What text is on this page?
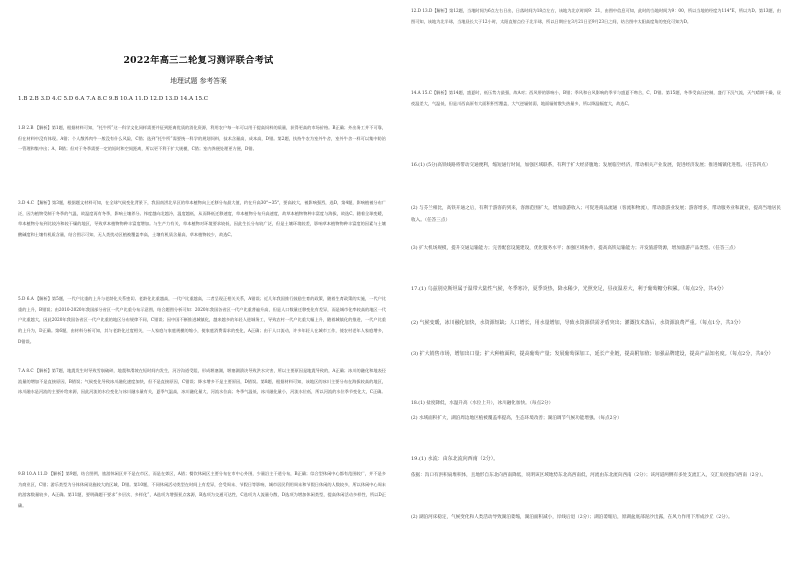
2022年高三二轮复习测评联合考试
地理试题 参考答案
1.B 2.B 3.D 4.C 5.D 6.A 7.A 8.C 9.B 10.A 11.D 12.D 13.D 14.A 15.C
1.B 2.B 【解析】第1题，根据材料可知，“托牛所”这一科学文化同样需要并征到距离优质的消化资源，利用农户每一年可以用于提高饲料的质量，获得更高的市场价格。B正确；外出务工并不可靠，但在材料中没有体现。A错；个人散养肉牛一般没有什么风险，C错；选到“托牛所”需要统一科学的规划饲料，技术含量高，成本高，D错。第2题，扶持牛农为室外牛舍，室外牛舍一样可以集中防治一管理和集中出；A、B错；但对于冬季需要一定的短时和空间距离，所以更不利于扩大规模，C错；室内粪便处理更方便，D错。
3.D 4.C 【解析】第3题，根据题文材料可知，在全球气候变化背景下，我国南涝北旱区的草本植物向上迁移分布最大值，约在升高30°~35°，要高较大，被影响强烈，选D，第4题，影响植被分布广泛，因为植物受制于冬季的气温，故温度再有冬季，影响土壤养分。纬度越向北越冷，温度越低，从而降低迁移速度，草本植物分布升高速度，故草本植物物种丰富度与海拔，故选C。随着全球变暖，草本植物分布到比较冷和较干燥的地区，导致草本植物物种丰富度增加。与生产力有关，草本植物对环境要求较低，因此生长分布较广泛，但是土壤环境较差，影响草本植物物种丰富度的因素与土壤酸碱度和土壤有机质含量，结合图示可知，无人类扰动区植被覆盖率高，土壤有机质含量高，草本植物较少，故选C。
5.D 6.A 【解析】第5题，一代户比重的上升与老龄化关系密切。老龄化比重越高，一代户比重越高，二者呈现正相关关系，A错误；近几年我国推行鼓励生育的政策，随着生育政策的实施，一代户比重的上升，B错误；由2010-2020年我国部分省区一代户比重分布示意图，结合题图分析可知：2020年我国各省区一代户比重普遍升高，但是人口数量迁移变化有差异，而是城市化率较高的地区一代户比重越大，因此2020年我国各省区一代户比重的地区分布规律不同，C错误；因中国不断推进城镇化，越来越多的年轻人进城务工，导致农村一代户比重大幅上升，随着城镇化的推进，一代户比重的上升为，D正确。第6题，由材料分析可知，其与老龄化过度相关，一人家庭与家庭规模的缩小，使家庭消费需求的变化，A正确；由于人口流动，许多年轻人在城市工作，使农村老年人家庭增多，D错误。
7.A 8.C 【解析】第7题，地震发生时导致雪崩破碎，地震和滑坡在短时间内发生，河谷沟道受阻，形成堰塞湖，堰塞湖溃决导致洪水灾害，所以主要原因是地震导致的，A正确；冰川的融化和地表径流量的增加不是直接原因，B错误；气候变化导致冰川融化速度加快，但不是直接原因，C错误；降水增多不是主要原因，D错误。第8题，根据材料可知，该地区的冰川主要分布在海拔较高的地区，冰川融水是河流的主要补给来源，因此河流的水位变化与冰川融水量有关，夏季气温高，冰川融化量大，河流水位高；冬季气温低，冰川融化量小，河流水位低，所以河流的水位季节变化大，C正确。
9.B 10.A 11.D 【解析】第9题，结合图例，旅游休闲区并不是在市区，而是在郊区，A错；餐饮休闲区主要分布在市中心外围，少量沿主干道分布，B正确；综合型休闲中心都有范围较广，并不是多为商业区，C错；游乐类型为分体休闲设施较大的区域，D错。第10题，不同休闲活动类型在时间上有差异，会受周末、节假日等影响，城市居民利用周末和节假日休闲的人数较多，所以休闲中心周末的游客数量较多，A正确。第11题，要明确题干要求“多层次、多样化”，A选项为增强景点客源，B选项为交通可达性，C选项为人流量分散，D选项为增加休闲类型，提高休闲活动多样性，所以D正确。
12.D 13.D【解析】第12题，当地时间为6点左右日出，日落时间为18点左右，该地为北京时间9：21，由图中信息可知，此时的当地时间为9：00，所以当地的经度为114°E，所以为D。第13题，由图可知，该地为北半球，当地昼长大于12小时，太阳直射点位于北半球，所以日期应在3月21日至9月23日之间，结合图中太阳高度角的变化可知为D。
14.A 15.C【解析】第14题，盛夏时，低压势力最强，故A对；西风带的影响小，B错；季风和台风影响的季节与盛夏不吻合，C、D错。第15题，冬季受高压控制，盛行下沉气流，天气晴朗干燥，昼夜温差大，气温低，但是川西高原有大面积积雪覆盖，大气逆辐射弱，地面辐射散失热量多，所以降温幅度大，故选C。
16.(1) (5分)高铁线路将带动交通便利，缩短通行时间，加强区域联系，有利于扩大经济腹地；发展临空经济，带动相关产业发展，促进经济发展；推进城镇化进程。（任答四点）
(2) 与芬兰相比，高铁开通之后，有利于游客的到来，客源范围扩大，增加旅游收入；可促进商品流通（客流和物流），带动旅游业发展；游客增多，带动服务业和就业，提高当地居民收入。（任答三点）
(3) 扩大机场规模，提升交通运输能力；完善配套设施建设，优化服务水平；加强区域协作，提高高铁运输能力；开发旅游资源，增加旅游产品类型。（任答三点）
17.(1) 乌兹别克斯坦属于温带大陆性气候，冬季寒冷，夏季炎热，降水稀少，光照充足，昼夜温差大，利于葡萄糖分积累。（每点2分，共4分）
(2) 气候变暖，冰川融化加快，水资源短缺；人口增长，用水量增加，导致水资源供需矛盾突出；灌溉技术落后，水资源浪费严重。（每点1分，共3分）
(3) 扩大销售市场，增加出口量；扩大种植面积，提高葡萄产量；发展葡萄深加工，延长产业链，提高附加值；加强品牌建设，提高产品知名度。（每点2分，共8分）
18.(1) 盐度降低，水温升高（水位上升），冰川融化加快。（每点2分）
(2) 水域面积扩大，湖泊周边地区植被覆盖率提高，生态环境改善；湖泊调节气候功能增强。（每点2分）
19.(1) 水流：由东北流向西南（2分）。
依据：沟口有洪积扇堆积体，且地形自东北向西南降低，说明该区域地势东北高西南低，河流由东北流向西南（2分）；该河道两侧有多处支流汇入，交汇角度指向西南（2分）。
(2) 湖泊河床稳定，气候变化和人类活动导致湖泊萎缩，湖泊面积减小，岸线后退（2分）；湖泊萎缩后，原湖盆底部泥沙出露，在风力作用下形成沙丘（2分）。
